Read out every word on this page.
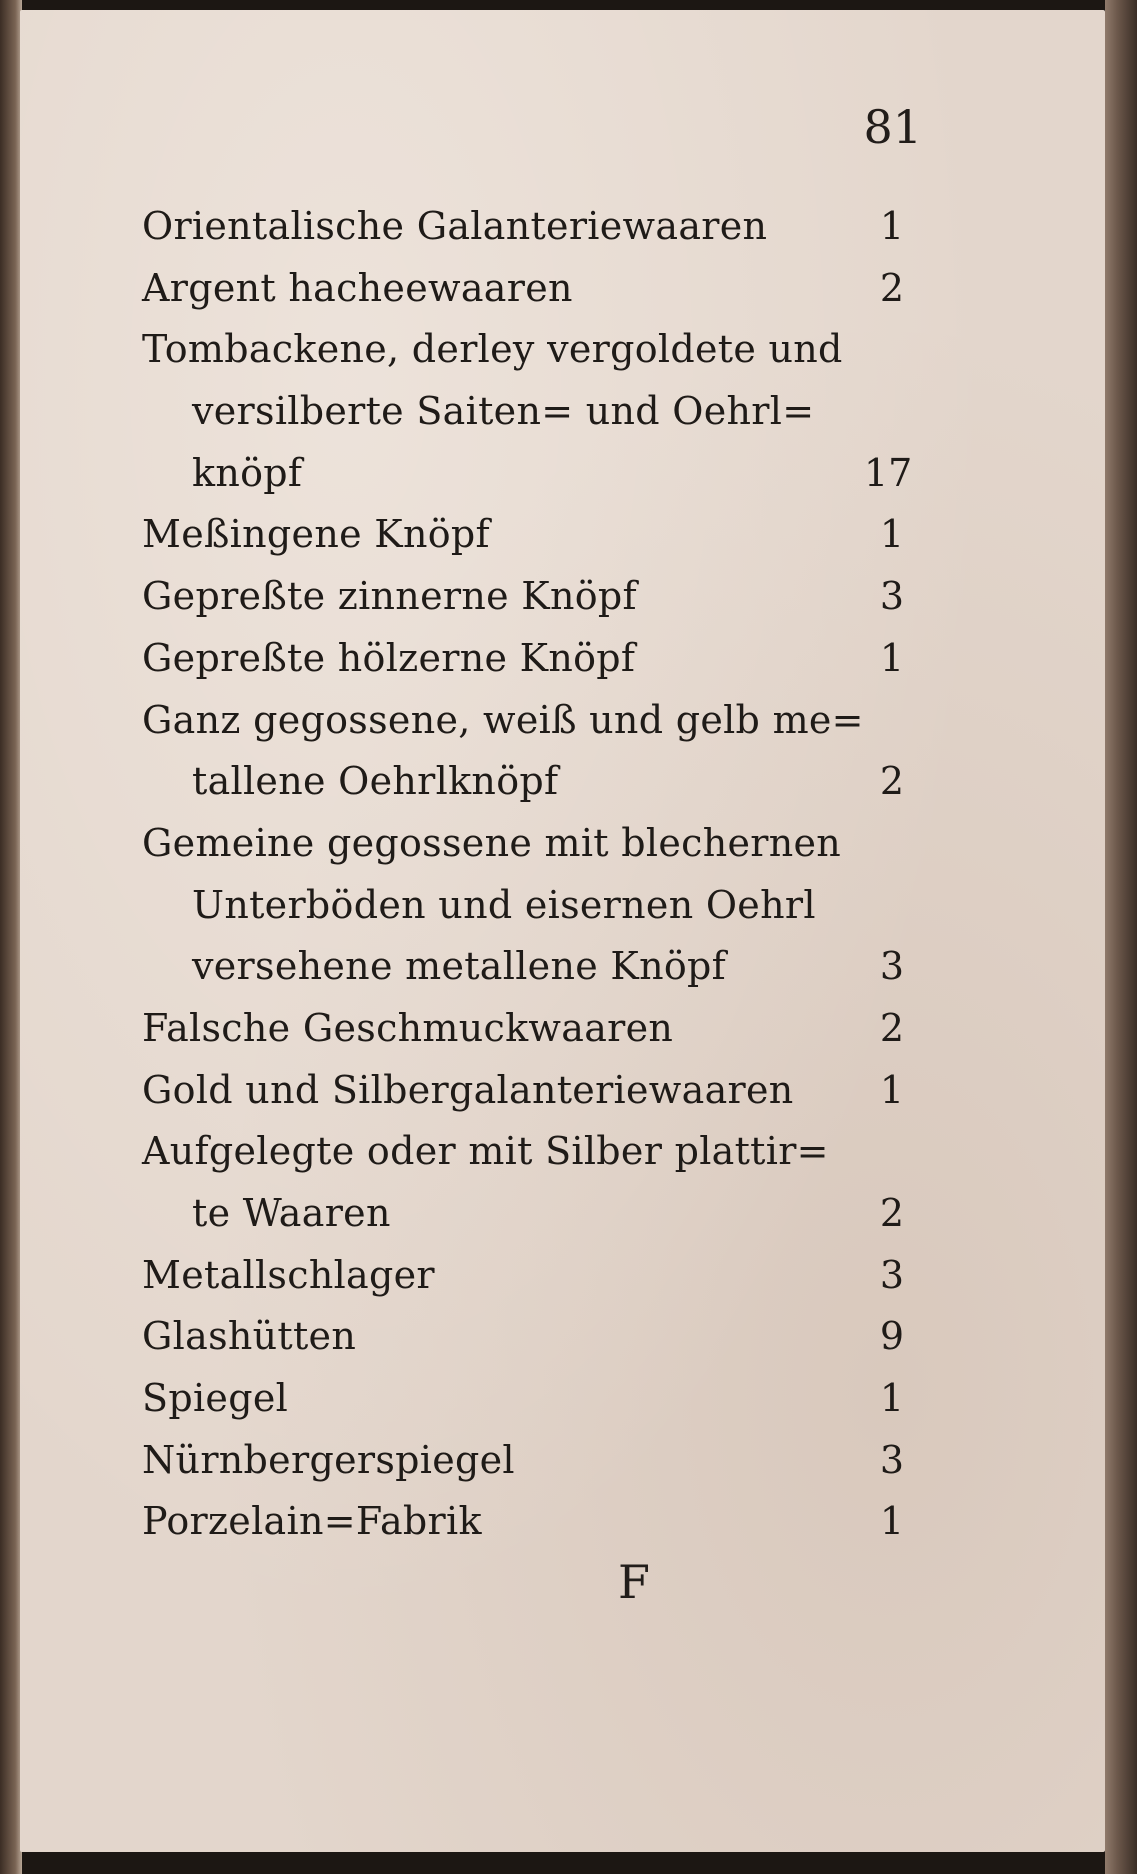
81
Orientalische Galanteriewaaren	1
Argent hacheewaaren	2
Tombackene, derley vergoldete und
versilberte Saiten= und Oehrl=
knöpf	17
Meßingene Knöpf	1
Gepreßte zinnerne Knöpf	3
Gepreßte hölzerne Knöpf	1
Ganz gegossene, weiß und gelb me=
tallene Oehrlknöpf	2
Gemeine gegossene mit blechernen
Unterböden und eisernen Oehrl
versehene metallene Knöpf	3
Falsche Geschmuckwaaren	2
Gold und Silbergalanteriewaaren	1
Aufgelegte oder mit Silber plattir=
te Waaren	2
Metallschlager	3
Glashütten	9
Spiegel	1
Nürnbergerspiegel	3
Porzelain=Fabrik	1
F
